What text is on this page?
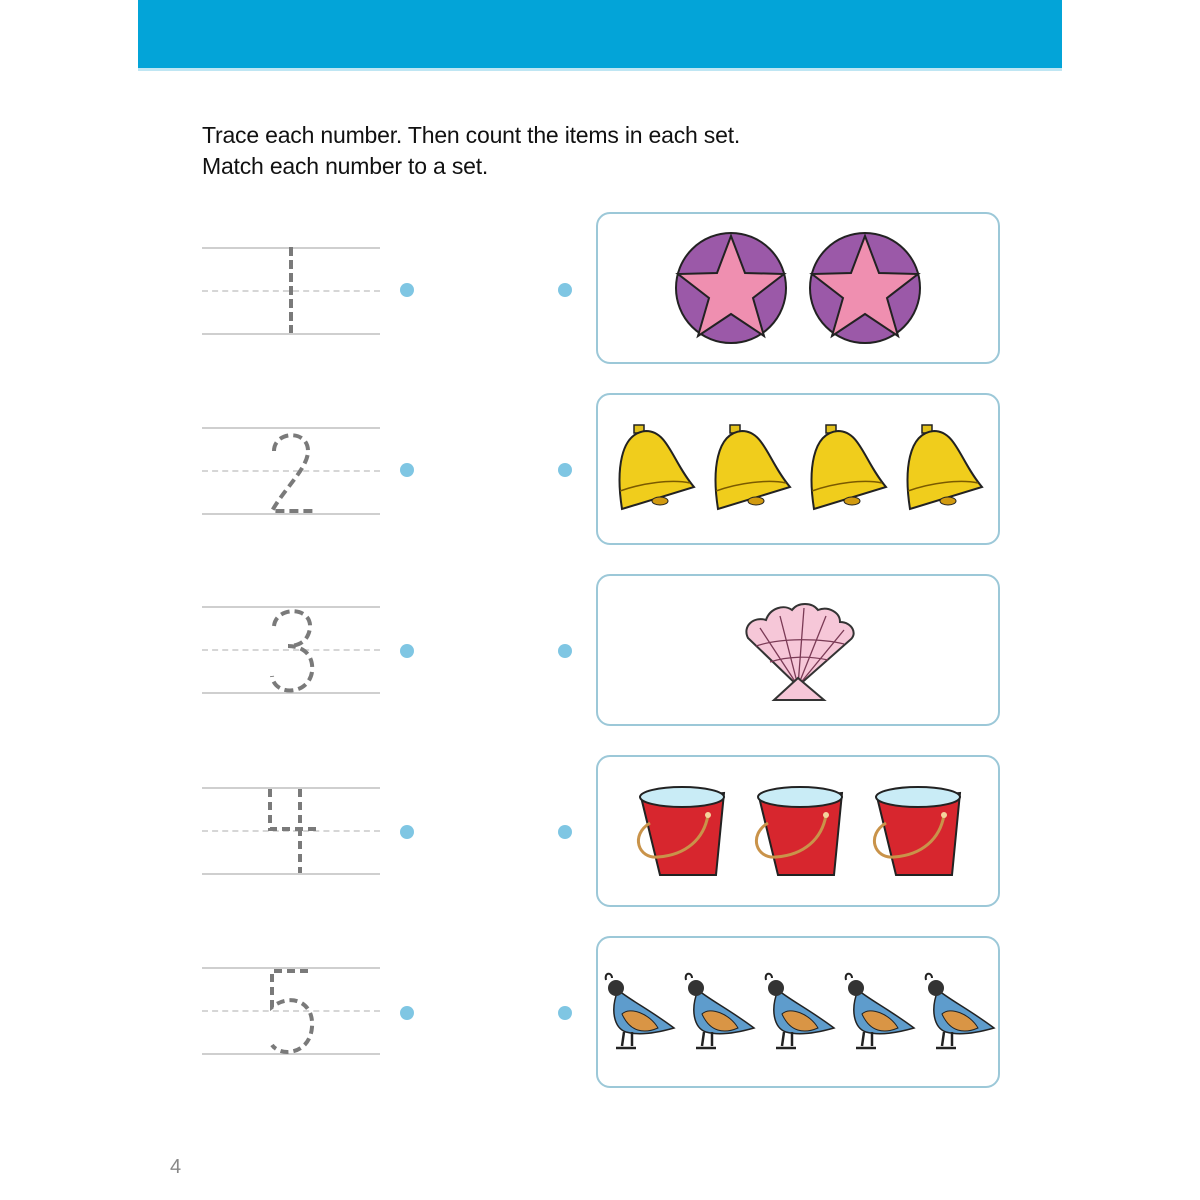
Trace each number. Then count the items in each set.
Match each number to a set.
4
